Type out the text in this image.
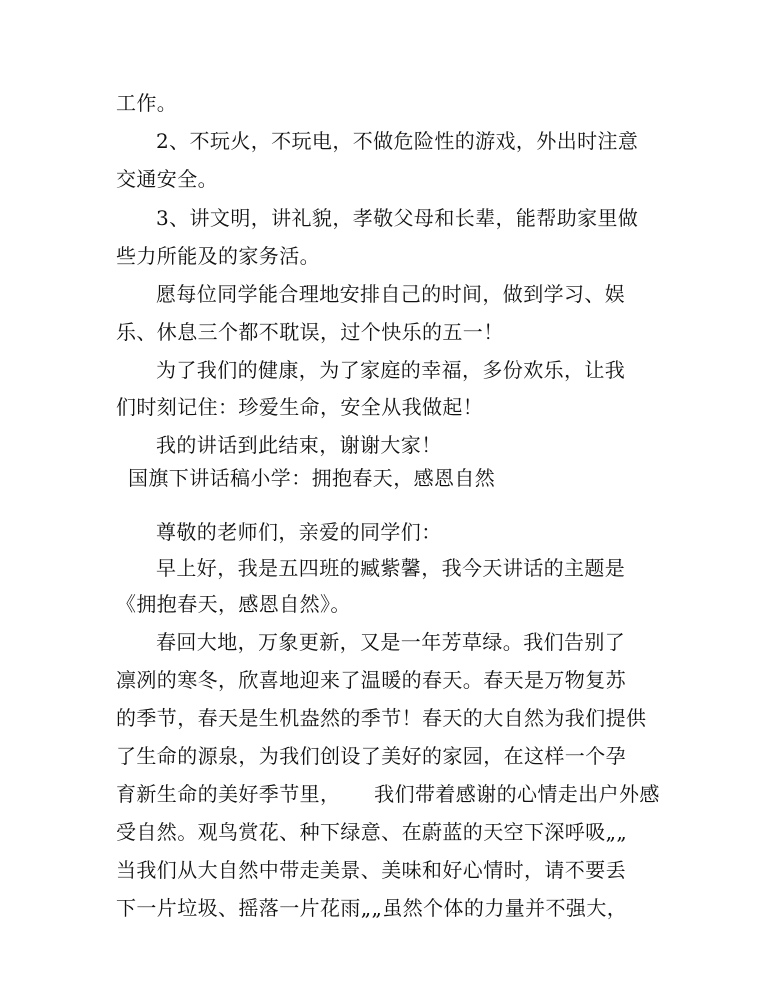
工作。
2、不玩火，不玩电，不做危险性的游戏，外出时注意
交通安全。
3、讲文明，讲礼貌，孝敬父母和长辈，能帮助家里做
些力所能及的家务活。
愿每位同学能合理地安排自己的时间，做到学习、娱
乐、休息三个都不耽误，过个快乐的五一！
为了我们的健康，为了家庭的幸福，多份欢乐，让我
们时刻记住：珍爱生命，安全从我做起！
我的讲话到此结束，谢谢大家！
国旗下讲话稿小学：拥抱春天，感恩自然
尊敬的老师们，亲爱的同学们：
早上好，我是五四班的臧紫馨，我今天讲话的主题是
《拥抱春天，感恩自然》。
春回大地，万象更新，又是一年芳草绿。我们告别了
凛冽的寒冬，欣喜地迎来了温暖的春天。春天是万物复苏
的季节，春天是生机盎然的季节！春天的大自然为我们提供
了生命的源泉，为我们创设了美好的家园，在这样一个孕
育新生命的美好季节里，     我们带着感谢的心情走出户外感
受自然。观鸟赏花、种下绿意、在蔚蓝的天空下深呼吸„„
当我们从大自然中带走美景、美味和好心情时，请不要丢
下一片垃圾、摇落一片花雨„„虽然个体的力量并不强大，
